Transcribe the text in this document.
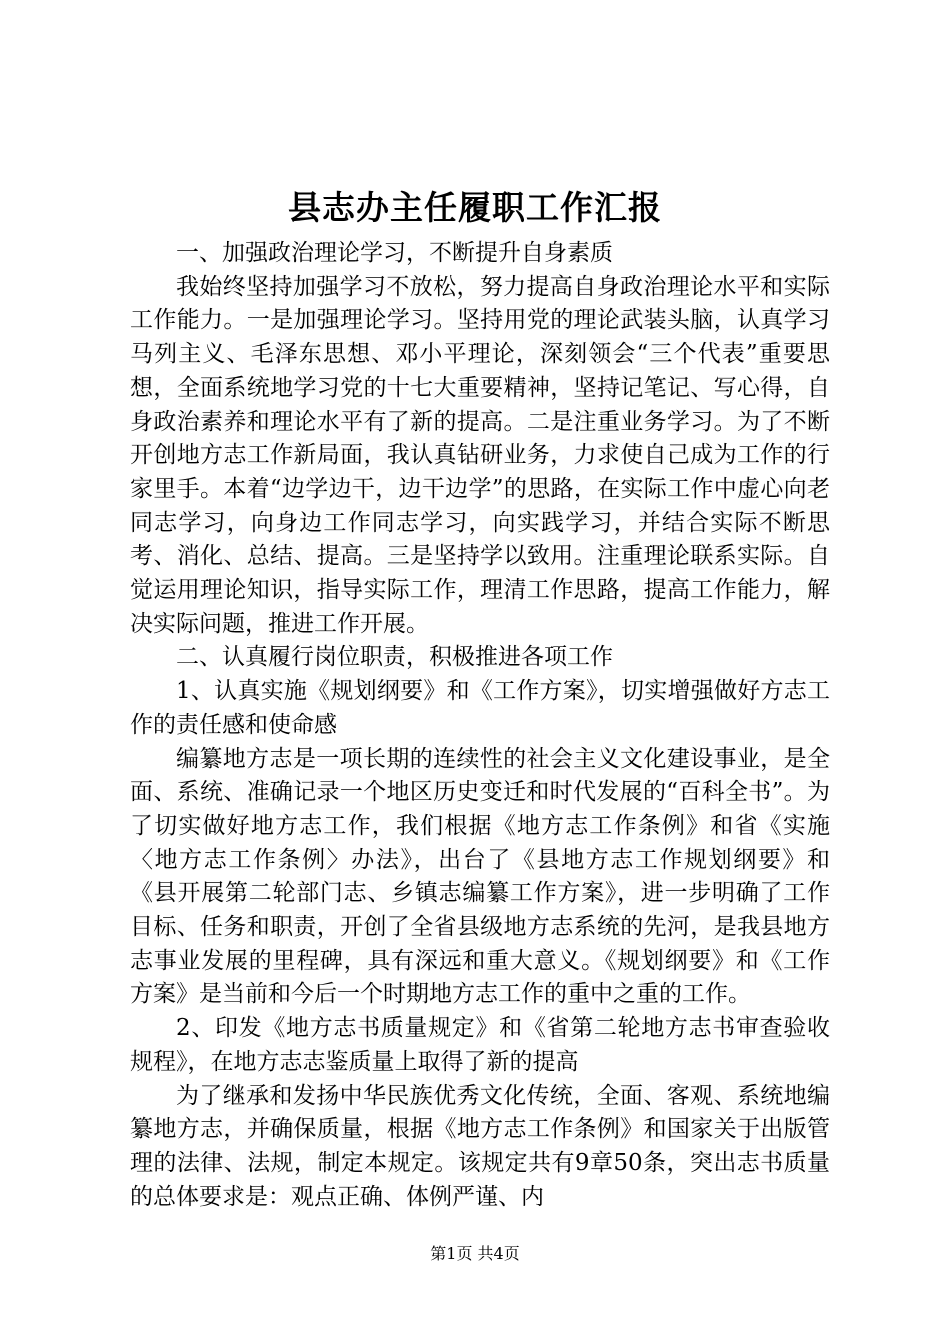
县志办主任履职工作汇报

一、加强政治理论学习，不断提升自身素质

我始终坚持加强学习不放松，努力提高自身政治理论水平和实际工作能力。一是加强理论学习。坚持用党的理论武装头脑，认真学习马列主义、毛泽东思想、邓小平理论，深刻领会“三个代表”重要思想，全面系统地学习党的十七大重要精神，坚持记笔记、写心得，自身政治素养和理论水平有了新的提高。二是注重业务学习。为了不断开创地方志工作新局面，我认真钻研业务，力求使自己成为工作的行家里手。本着“边学边干，边干边学”的思路，在实际工作中虚心向老同志学习，向身边工作同志学习，向实践学习，并结合实际不断思考、消化、总结、提高。三是坚持学以致用。注重理论联系实际。自觉运用理论知识，指导实际工作，理清工作思路，提高工作能力，解决实际问题，推进工作开展。

二、认真履行岗位职责，积极推进各项工作

1、认真实施《规划纲要》和《工作方案》，切实增强做好方志工作的责任感和使命感

编纂地方志是一项长期的连续性的社会主义文化建设事业，是全面、系统、准确记录一个地区历史变迁和时代发展的“百科全书”。为了切实做好地方志工作，我们根据《地方志工作条例》和省《实施〈地方志工作条例〉办法》，出台了《县地方志工作规划纲要》和《县开展第二轮部门志、乡镇志编纂工作方案》，进一步明确了工作目标、任务和职责，开创了全省县级地方志系统的先河，是我县地方志事业发展的里程碑，具有深远和重大意义。《规划纲要》和《工作方案》是当前和今后一个时期地方志工作的重中之重的工作。

2、印发《地方志书质量规定》和《省第二轮地方志书审查验收规程》，在地方志志鉴质量上取得了新的提高

为了继承和发扬中华民族优秀文化传统，全面、客观、系统地编纂地方志，并确保质量，根据《地方志工作条例》和国家关于出版管理的法律、法规，制定本规定。该规定共有9章50条，突出志书质量的总体要求是：观点正确、体例严谨、内

第1页 共4页
